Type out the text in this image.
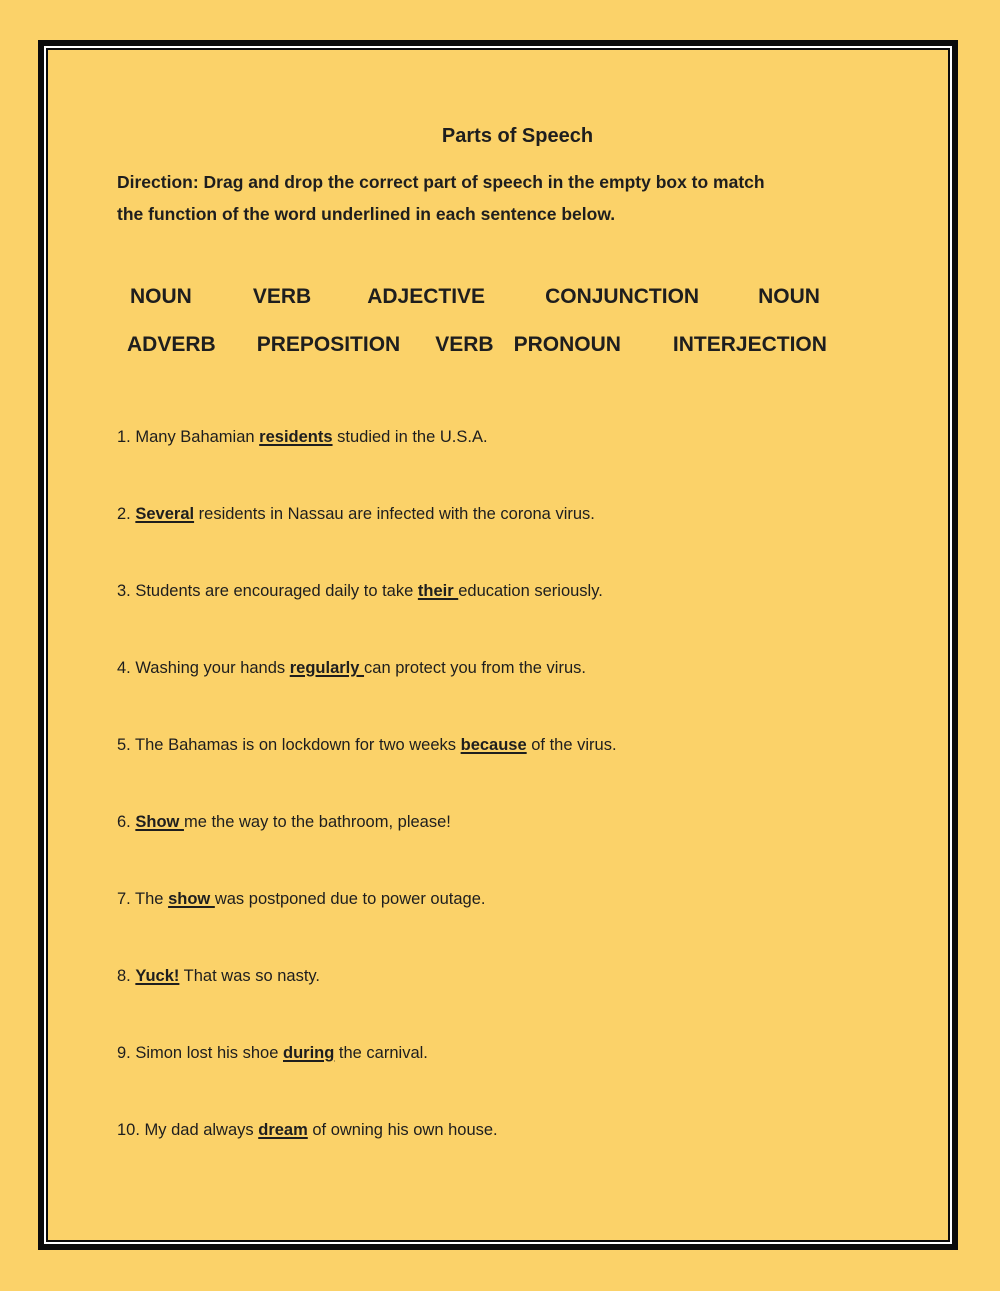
Parts of Speech
Direction: Drag and drop the correct part of speech in the empty box to match
the function of the word underlined in each sentence below.
NOUN	VERB	ADJECTIVE	CONJUNCTION	NOUN
ADVERB PREPOSITION VERB PRONOUN INTERJECTION
1. Many Bahamian residents studied in the U.S.A.
2. Several residents in Nassau are infected with the corona virus.
3. Students are encouraged daily to take their education seriously.
4. Washing your hands regularly can protect you from the virus.
5. The Bahamas is on lockdown for two weeks because of the virus.
6. Show me the way to the bathroom, please!
7. The show was postponed due to power outage.
8. Yuck! That was so nasty.
9. Simon lost his shoe during the carnival.
10. My dad always dream of owning his own house.
